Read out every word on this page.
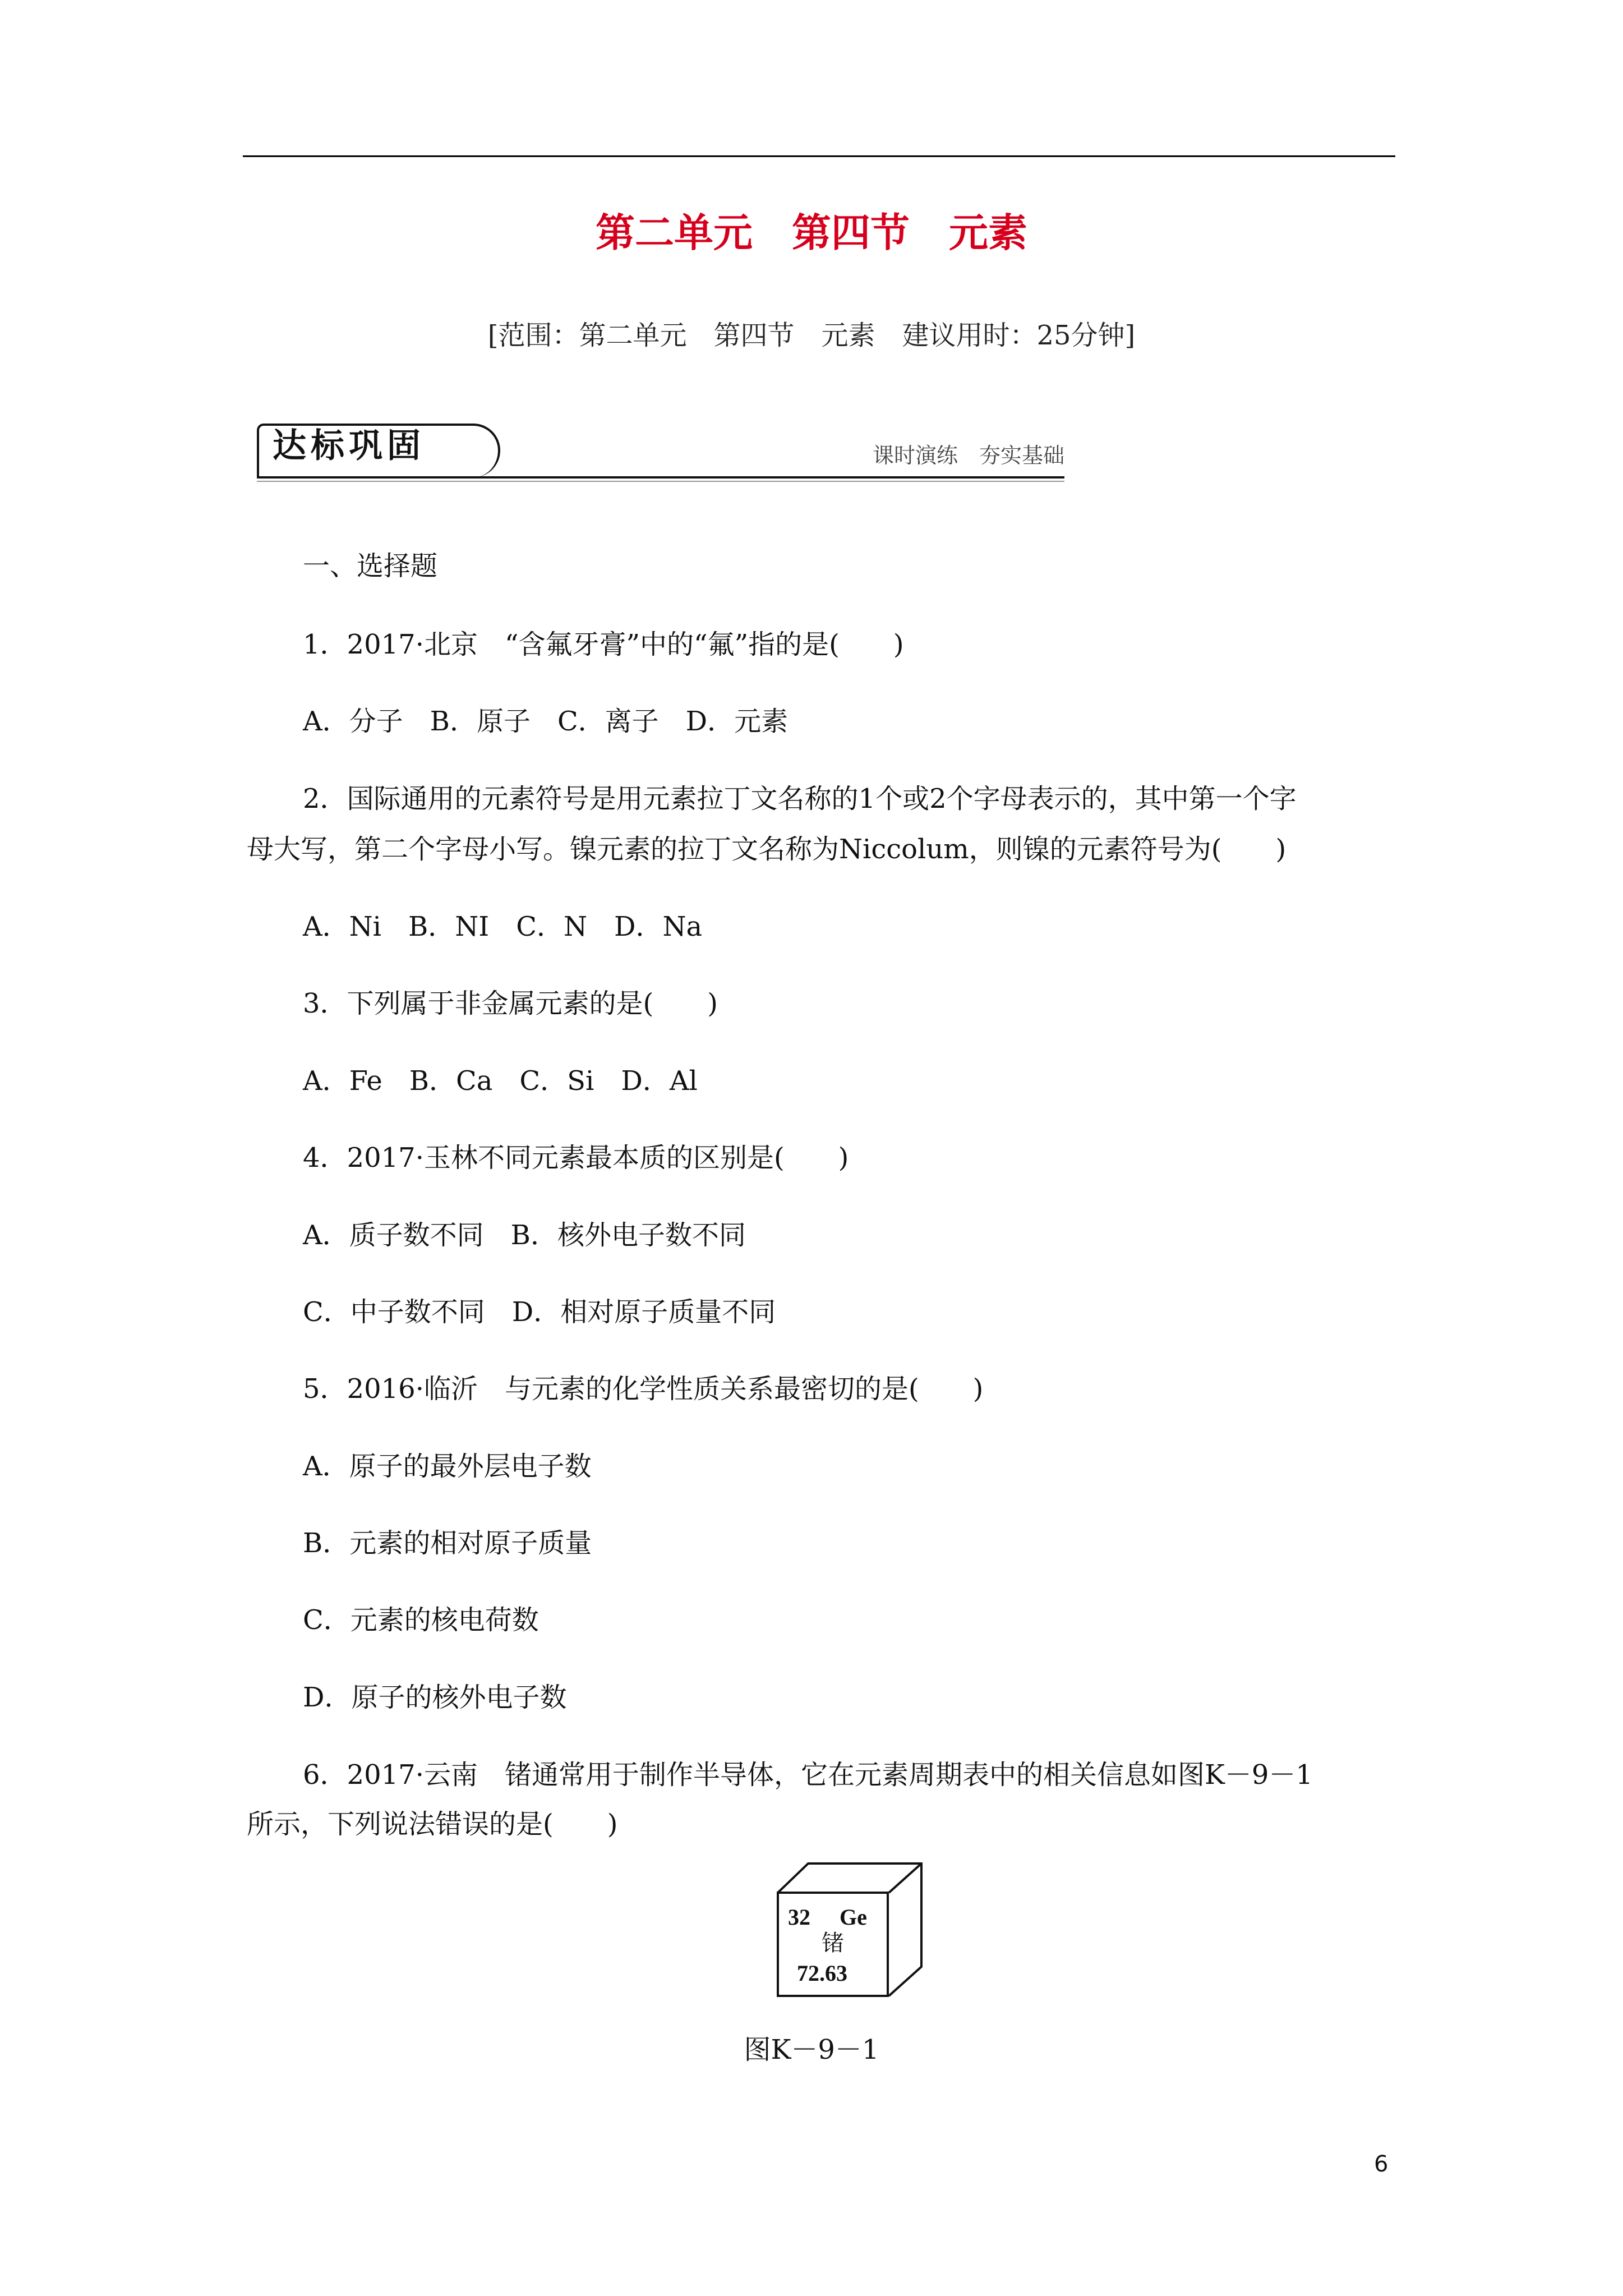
第二单元　第四节　元素
[范围：第二单元　第四节　元素　建议用时：25分钟]
达标巩固	课时演练　夯实基础
一、选择题
1．2017·北京　“含氟牙膏”中的“氟”指的是(　　)
A．分子　B．原子　C．离子　D．元素
2．国际通用的元素符号是用元素拉丁文名称的1个或2个字母表示的，其中第一个字
母大写，第二个字母小写。镍元素的拉丁文名称为Niccolum，则镍的元素符号为(　　)
A．Ni　B．NI　C．N　D．Na
3．下列属于非金属元素的是(　　)
A．Fe　B．Ca　C．Si　D．Al
4．2017·玉林不同元素最本质的区别是(　　)
A．质子数不同　B．核外电子数不同
C．中子数不同　D．相对原子质量不同
5．2016·临沂　与元素的化学性质关系最密切的是(　　)
A．原子的最外层电子数
B．元素的相对原子质量
C．元素的核电荷数
D．原子的核外电子数
6．2017·云南　锗通常用于制作半导体，它在元素周期表中的相关信息如图K－9－1
所示，下列说法错误的是(　　)
32 Ge
锗
72.63
图K－9－1
6
